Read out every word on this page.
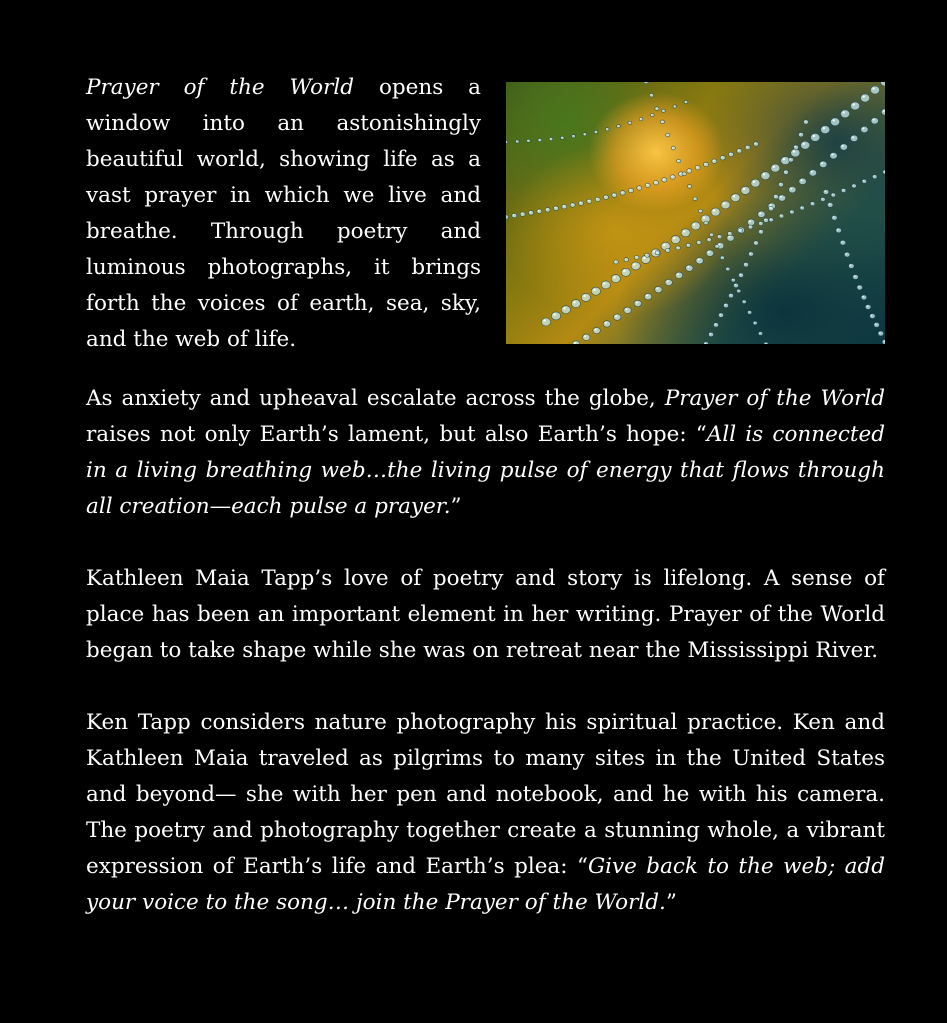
Prayer of the World opens a window into an astonishingly beautiful world, showing life as a vast prayer in which we live and breathe. Through poetry and luminous photographs, it brings forth the voices of earth, sea, sky, and the web of life.

As anxiety and upheaval escalate across the globe, Prayer of the World raises not only Earth’s lament, but also Earth’s hope: “All is connected in a living breathing web…the living pulse of energy that flows through all creation—each pulse a prayer.”

Kathleen Maia Tapp’s love of poetry and story is lifelong. A sense of place has been an important element in her writing. Prayer of the World began to take shape while she was on retreat near the Mississippi River.

Ken Tapp considers nature photography his spiritual practice. Ken and Kathleen Maia traveled as pilgrims to many sites in the United States and beyond— she with her pen and notebook, and he with his camera. The poetry and photography together create a stunning whole, a vibrant expression of Earth’s life and Earth’s plea: “Give back to the web; add your voice to the song… join the Prayer of the World.”
